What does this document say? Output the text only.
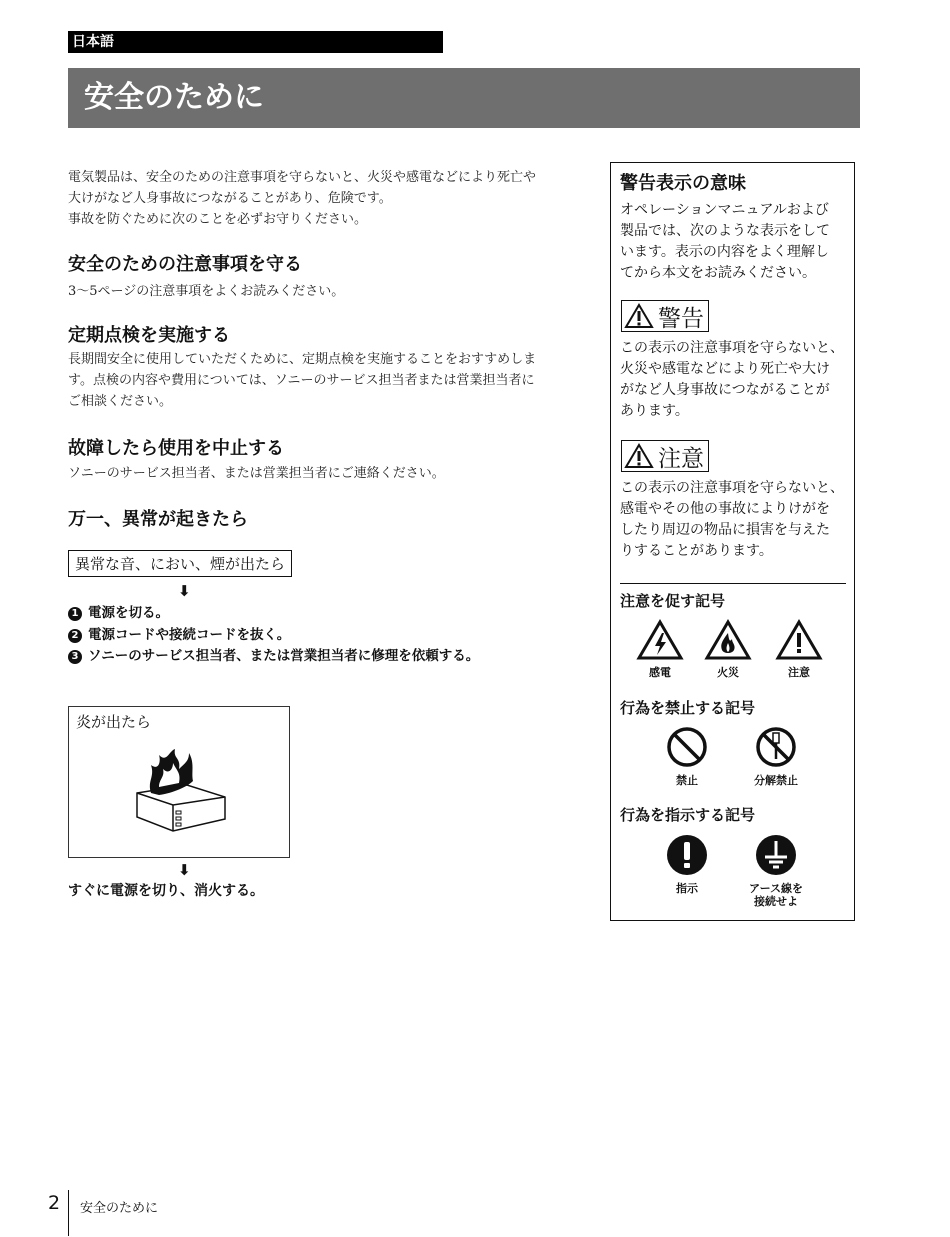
日本語
安全のために

電気製品は、安全のための注意事項を守らないと、火災や感電などにより死亡や

大けがなど人身事故につながることがあり、危険です。

事故を防ぐために次のことを必ずお守りください。

安全のための注意事項を守る
3～5ページの注意事項をよくお読みください。
定期点検を実施する
長期間安全に使用していただくために、定期点検を実施することをおすすめしま
す。点検の内容や費用については、ソニーのサービス担当者または営業担当者に
ご相談ください。
故障したら使用を中止する
ソニーのサービス担当者、または営業担当者にご連絡ください。
万一、異常が起きたら
異常な音、におい、煙が出たら
⬇
1 電源を切る。
2 電源コードや接続コードを抜く。
3 ソニーのサービス担当者、または営業担当者に修理を依頼する。
炎が出たら
⬇
すぐに電源を切り、消火する。
警告表示の意味
オペレーションマニュアルおよび
製品では、次のような表示をして
います。表示の内容をよく理解し
てから本文をお読みください。
警告
この表示の注意事項を守らないと、
火災や感電などにより死亡や大け
がなど人身事故につながることが
あります。
注意
この表示の注意事項を守らないと、
感電やその他の事故によりけがを
したり周辺の物品に損害を与えた
りすることがあります。
注意を促す記号
感電	火災	注意
行為を禁止する記号
禁止	分解禁止
行為を指示する記号
指示	アース線を
接続せよ
2 安全のために
